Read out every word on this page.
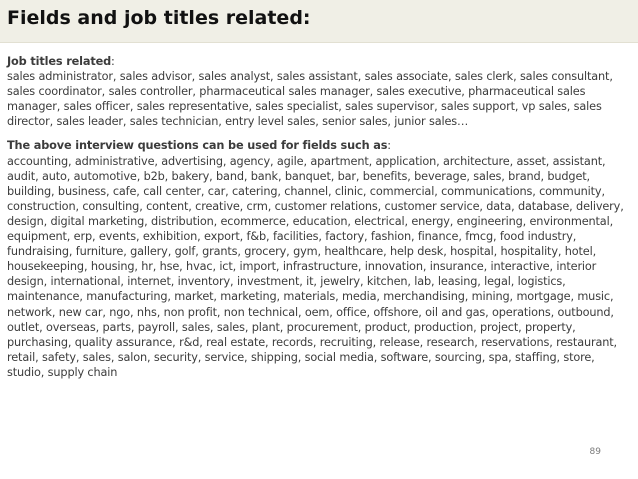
Fields and job titles related:

Job titles related:

sales administrator, sales advisor, sales analyst, sales assistant, sales associate, sales clerk, sales consultant, sales coordinator, sales controller, pharmaceutical sales manager, sales executive, pharmaceutical sales manager, sales officer, sales representative, sales specialist, sales supervisor, sales support, vp sales, sales director, sales leader, sales technician, entry level sales, senior sales, junior sales…

The above interview questions can be used for fields such as:

accounting, administrative, advertising, agency, agile, apartment, application, architecture, asset, assistant, audit, auto, automotive, b2b, bakery, band, bank, banquet, bar, benefits, beverage, sales, brand, budget, building, business, cafe, call center, car, catering, channel, clinic, commercial, communications, community, construction, consulting, content, creative, crm, customer relations, customer service, data, database, delivery, design, digital marketing, distribution, ecommerce, education, electrical, energy, engineering, environmental, equipment, erp, events, exhibition, export, f&b, facilities, factory, fashion, finance, fmcg, food industry, fundraising, furniture, gallery, golf, grants, grocery, gym, healthcare, help desk, hospital, hospitality, hotel, housekeeping, housing, hr, hse, hvac, ict, import, infrastructure, innovation, insurance, interactive, interior design, international, internet, inventory, investment, it, jewelry, kitchen, lab, leasing, legal, logistics, maintenance, manufacturing, market, marketing, materials, media, merchandising, mining, mortgage, music, network, new car, ngo, nhs, non profit, non technical, oem, office, offshore, oil and gas, operations, outbound, outlet, overseas, parts, payroll, sales, sales, plant, procurement, product, production, project, property, purchasing, quality assurance, r&d, real estate, records, recruiting, release, research, reservations, restaurant, retail, safety, sales, salon, security, service, shipping, social media, software, sourcing, spa, staffing, store, studio, supply chain

89
